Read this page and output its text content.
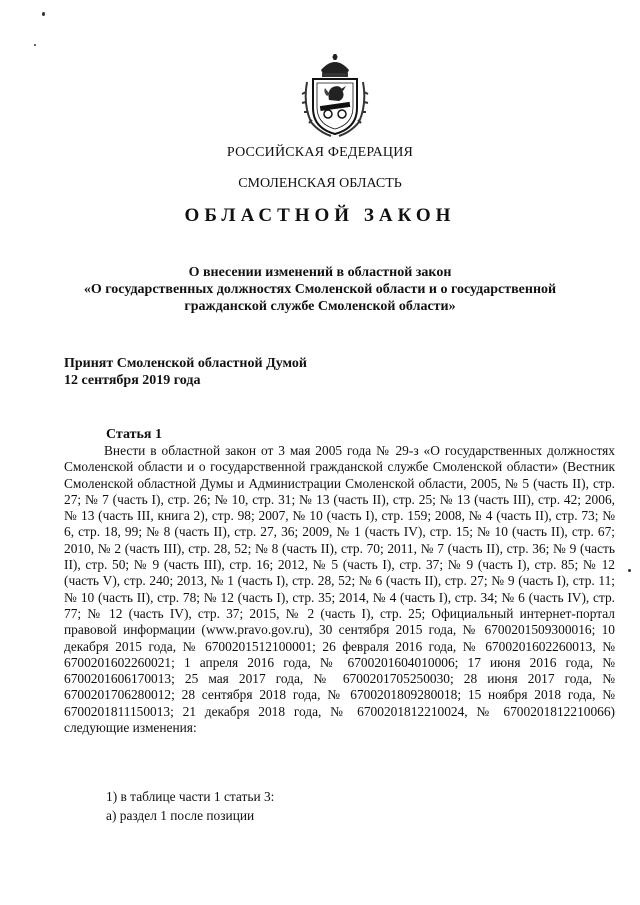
РОССИЙСКАЯ ФЕДЕРАЦИЯ
СМОЛЕНСКАЯ ОБЛАСТЬ
ОБЛАСТНОЙ ЗАКОН
О внесении изменений в областной закон
«О государственных должностях Смоленской области и о государственной
гражданской службе Смоленской области»
Принят Смоленской областной Думой
12 сентября 2019 года
Статья 1
Внести в областной закон от 3 мая 2005 года № 29-з «О государственных должностях Смоленской области и о государственной гражданской службе Смоленской области» (Вестник Смоленской областной Думы и Администрации Смоленской области, 2005, № 5 (часть II), стр. 27; № 7 (часть I), стр. 26; № 10, стр. 31; № 13 (часть II), стр. 25; № 13 (часть III), стр. 42; 2006, № 13 (часть III, книга 2), стр. 98; 2007, № 10 (часть I), стр. 159; 2008, № 4 (часть II), стр. 73; № 6, стр. 18, 99; № 8 (часть II), стр. 27, 36; 2009, № 1 (часть IV), стр. 15; № 10 (часть II), стр. 67; 2010, № 2 (часть III), стр. 28, 52; № 8 (часть II), стр. 70; 2011, № 7 (часть II), стр. 36; № 9 (часть II), стр. 50; № 9 (часть III), стр. 16; 2012, № 5 (часть I), стр. 37; № 9 (часть I), стр. 85; № 12 (часть V), стр. 240; 2013, № 1 (часть I), стр. 28, 52; № 6 (часть II), стр. 27; № 9 (часть I), стр. 11; № 10 (часть II), стр. 78; № 12 (часть I), стр. 35; 2014, № 4 (часть I), стр. 34; № 6 (часть IV), стр. 77; № 12 (часть IV), стр. 37; 2015, № 2 (часть I), стр. 25; Официальный интернет-портал правовой информации (www.pravo.gov.ru), 30 сентября 2015 года, № 6700201509300016; 10 декабря 2015 года, № 6700201512100001; 26 февраля 2016 года, № 6700201602260013, № 6700201602260021; 1 апреля 2016 года, № 6700201604010006; 17 июня 2016 года, № 6700201606170013; 25 мая 2017 года, № 6700201705250030; 28 июня 2017 года, № 6700201706280012; 28 сентября 2018 года, № 6700201809280018; 15 ноября 2018 года, № 6700201811150013; 21 декабря 2018 года, № 6700201812210024, № 6700201812210066) следующие изменения:
1) в таблице части 1 статьи 3:
а) раздел 1 после позиции
